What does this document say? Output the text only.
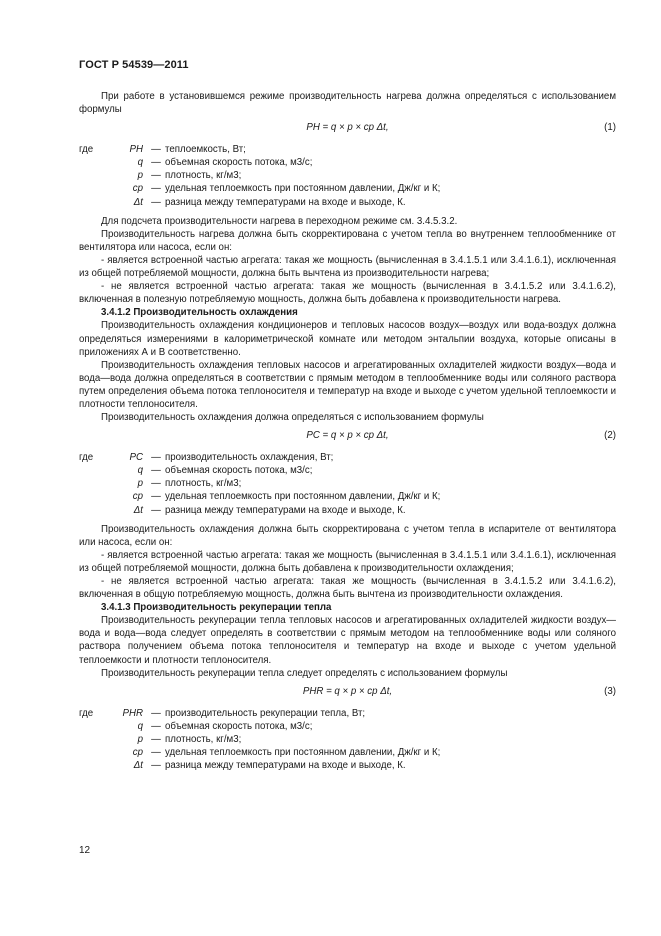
ГОСТ Р 54539—2011

При работе в установившемся режиме производительность нагрева должна определяться с использованием формулы

PH = q × p × cp Δt,	(1)
где	PH — теплоемкость, Вт;
q — объемная скорость потока, м3/с;
p — плотность, кг/м3;
cp — удельная теплоемкость при постоянном давлении, Дж/кг и К;
Δt — разница между температурами на входе и выходе, К.

Для подсчета производительности нагрева в переходном режиме см. 3.4.5.3.2.

Производительность нагрева должна быть скорректирована с учетом тепла во внутреннем теплообменнике от вентилятора или насоса, если он:

- является встроенной частью агрегата: такая же мощность (вычисленная в 3.4.1.5.1 или 3.4.1.6.1), исключенная из общей потребляемой мощности, должна быть вычтена из производительности нагрева;

- не является встроенной частью агрегата: такая же мощность (вычисленная в 3.4.1.5.2 или 3.4.1.6.2), включенная в полезную потребляемую мощность, должна быть добавлена к производительности нагрева.

3.4.1.2 Производительность охлаждения

Производительность охлаждения кондиционеров и тепловых насосов воздух—воздух или вода-воздух должна определяться измерениями в калориметрической комнате или методом энтальпии воздуха, которые описаны в приложениях А и В соответственно.

Производительность охлаждения тепловых насосов и агрегатированных охладителей жидкости воздух—вода и вода—вода должна определяться в соответствии с прямым методом в теплообменнике воды или соляного раствора путем определения объема потока теплоносителя и температур на входе и выходе с учетом удельной теплоемкости и плотности теплоносителя.

Производительность охлаждения должна определяться с использованием формулы

PC = q × p × cp Δt,	(2)
где	PC — производительность охлаждения, Вт;
q — объемная скорость потока, м3/с;
p — плотность, кг/м3;
cp — удельная теплоемкость при постоянном давлении, Дж/кг и К;
Δt — разница между температурами на входе и выходе, К.

Производительность охлаждения должна быть скорректирована с учетом тепла в испарителе от вентилятора или насоса, если он:

- является встроенной частью агрегата: такая же мощность (вычисленная в 3.4.1.5.1 или 3.4.1.6.1), исключенная из общей потребляемой мощности, должна быть добавлена к производительности охлаждения;

- не является встроенной частью агрегата: такая же мощность (вычисленная в 3.4.1.5.2 или 3.4.1.6.2), включенная в общую потребляемую мощность, должна быть вычтена из производительности охлаждения.

3.4.1.3 Производительность рекуперации тепла

Производительность рекуперации тепла тепловых насосов и агрегатированных охладителей жидкости воздух—вода и вода—вода следует определять в соответствии с прямым методом на теплообменнике воды или соляного раствора получением объема потока теплоносителя и температур на входе и выходе с учетом удельной теплоемкости и плотности теплоносителя.

Производительность рекуперации тепла следует определять с использованием формулы

PHR = q × p × cp Δt,	(3)
где	PHR — производительность рекуперации тепла, Вт;
q — объемная скорость потока, м3/с;
p — плотность, кг/м3;
cp — удельная теплоемкость при постоянном давлении, Дж/кг и К;
Δt — разница между температурами на входе и выходе, К.
12
